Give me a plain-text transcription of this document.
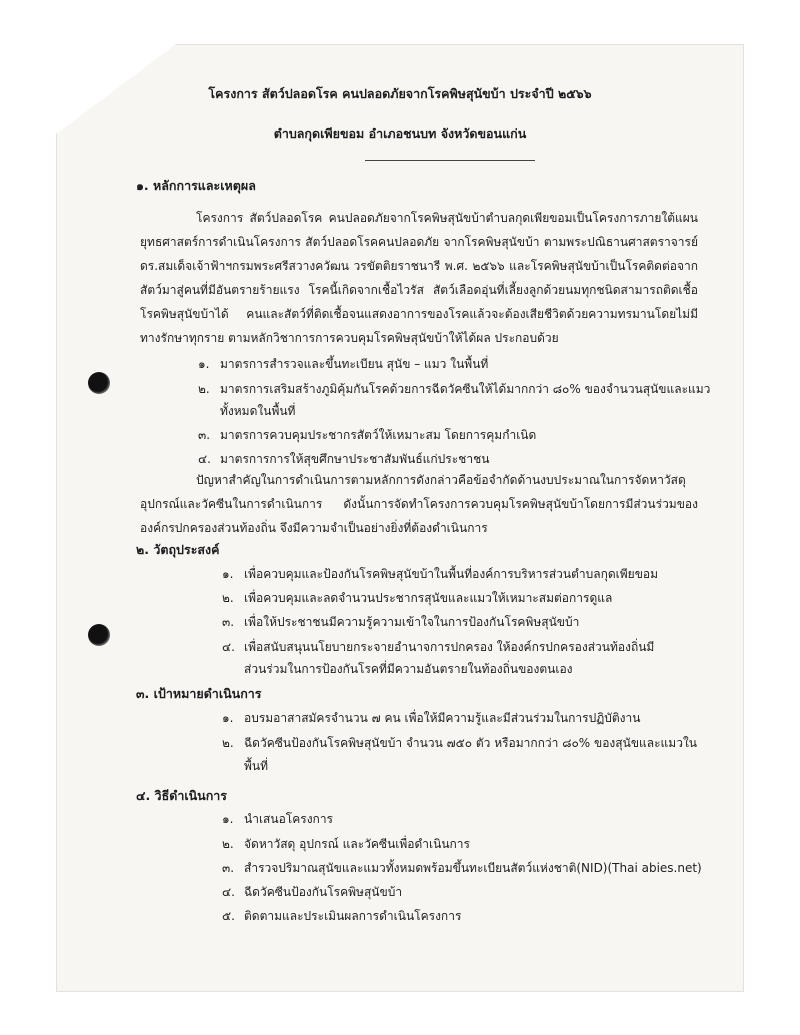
โครงการ สัตว์ปลอดโรค คนปลอดภัยจากโรคพิษสุนัขบ้า ประจำปี ๒๕๖๖

ตำบลกุดเพียขอม อำเภอชนบท จังหวัดขอนแก่น

๑. หลักการและเหตุผล

โครงการ สัตว์ปลอดโรค คนปลอดภัยจากโรคพิษสุนัขบ้าตำบลกุดเพียขอมเป็นโครงการภายใต้แผนยุทธศาสตร์การดำเนินโครงการ สัตว์ปลอดโรคคนปลอดภัย จากโรคพิษสุนัขบ้า ตามพระปณิธานศาสตราจารย์ ดร.สมเด็จเจ้าฟ้าฯกรมพระศรีสวางควัฒน วรขัตติยราชนารี พ.ศ. ๒๕๖๖ และโรคพิษสุนัขบ้าเป็นโรคติดต่อจากสัตว์มาสู่คนที่มีอันตรายร้ายแรง โรคนี้เกิดจากเชื้อไวรัส สัตว์เลือดอุ่นที่เลี้ยงลูกด้วยนมทุกชนิดสามารถติดเชื้อโรคพิษสุนัขบ้าได้ คนและสัตว์ที่ติดเชื้อจนแสดงอาการของโรคแล้วจะต้องเสียชีวิตด้วยความทรมานโดยไม่มีทางรักษาทุกราย ตามหลักวิชาการการควบคุมโรคพิษสุนัขบ้าให้ได้ผล ประกอบด้วย

๑. มาตรการสำรวจและขึ้นทะเบียน สุนัข – แมว ในพื้นที่

๒. มาตรการเสริมสร้างภูมิคุ้มกันโรคด้วยการฉีดวัคซีนให้ได้มากกว่า ๘๐% ของจำนวนสุนัขและแมว

ทั้งหมดในพื้นที่

๓. มาตรการควบคุมประชากรสัตว์ให้เหมาะสม โดยการคุมกำเนิด

๔. มาตรการการให้สุขศึกษาประชาสัมพันธ์แก่ประชาชน

ปัญหาสำคัญในการดำเนินการตามหลักการดังกล่าวคือข้อจำกัดด้านงบประมาณในการจัดหาวัสดุอุปกรณ์และวัคซีนในการดำเนินการ ดังนั้นการจัดทำโครงการควบคุมโรคพิษสุนัขบ้าโดยการมีส่วนร่วมขององค์กรปกครองส่วนท้องถิ่น จึงมีความจำเป็นอย่างยิ่งที่ต้องดำเนินการ

๒. วัตถุประสงค์

๑. เพื่อควบคุมและป้องกันโรคพิษสุนัขบ้าในพื้นที่องค์การบริหารส่วนตำบลกุดเพียขอม

๒. เพื่อควบคุมและลดจำนวนประชากรสุนัขและแมวให้เหมาะสมต่อการดูแล

๓. เพื่อให้ประชาชนมีความรู้ความเข้าใจในการป้องกันโรคพิษสุนัขบ้า

๔. เพื่อสนับสนุนนโยบายกระจายอำนาจการปกครอง ให้องค์กรปกครองส่วนท้องถิ่นมี

ส่วนร่วมในการป้องกันโรคที่มีความอันตรายในท้องถิ่นของตนเอง

๓. เป้าหมายดำเนินการ

๑. อบรมอาสาสมัครจำนวน ๗ คน เพื่อให้มีความรู้และมีส่วนร่วมในการปฏิบัติงาน

๒. ฉีดวัคซีนป้องกันโรคพิษสุนัขบ้า จำนวน ๗๕๐ ตัว หรือมากกว่า ๘๐% ของสุนัขและแมวใน

พื้นที่

๔. วิธีดำเนินการ

๑. นำเสนอโครงการ

๒. จัดหาวัสดุ อุปกรณ์ และวัคซีนเพื่อดำเนินการ

๓. สำรวจปริมาณสุนัขและแมวทั้งหมดพร้อมขึ้นทะเบียนสัตว์แห่งชาติ(NID)(Thai abies.net)

๔. ฉีดวัคซีนป้องกันโรคพิษสุนัขบ้า

๕. ติดตามและประเมินผลการดำเนินโครงการ
